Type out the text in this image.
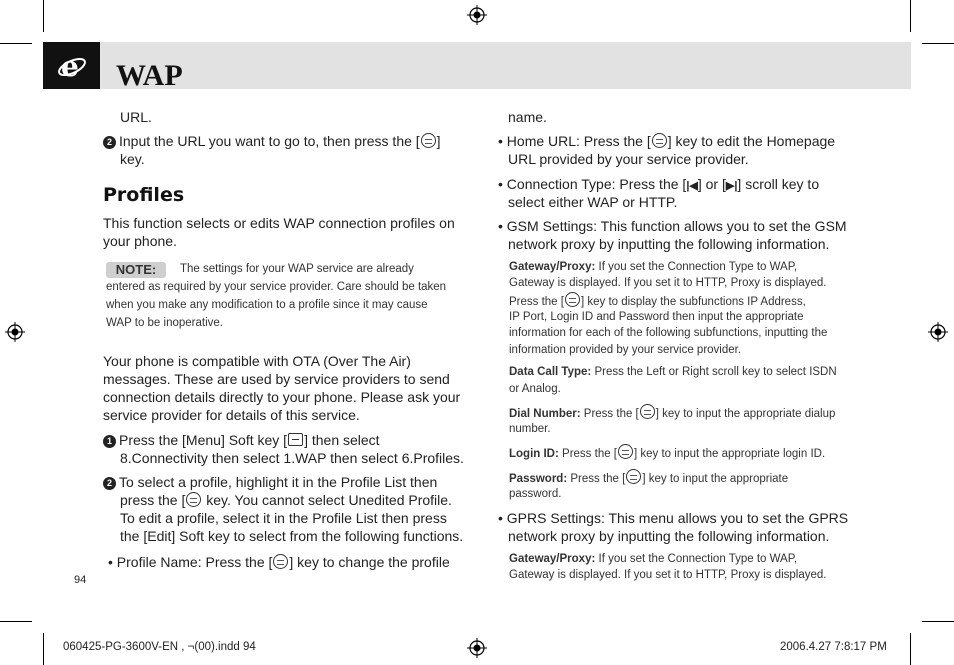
e WAP
URL.
2 Input the URL you want to go to, then press the [ ]
key.
Profiles
This function selects or edits WAP connection profiles on
your phone.
NOTE:	The settings for your WAP service are already
entered as required by your service provider. Care should be taken
when you make any modification to a profile since it may cause
WAP to be inoperative.
Your phone is compatible with OTA (Over The Air)
messages. These are used by service providers to send
connection details directly to your phone. Please ask your
service provider for details of this service.
1 Press the [Menu] Soft key [ ] then select
8.Connectivity then select 1.WAP then select 6.Profiles.
2 To select a profile, highlight it in the Profile List then
press the [ key. You cannot select Unedited Profile.
To edit a profile, select it in the Profile List then press
the [Edit] Soft key to select from the following functions.
• Profile Name: Press the [ ] key to change the profile
94
name.
• Home URL: Press the [ ] key to edit the Homepage
URL provided by your service provider.
• Connection Type: Press the [|◀] or [▶|] scroll key to
select either WAP or HTTP.
• GSM Settings: This function allows you to set the GSM
network proxy by inputting the following information.
Gateway/Proxy: If you set the Connection Type to WAP,
Gateway is displayed. If you set it to HTTP, Proxy is displayed.
Press the [ ] key to display the subfunctions IP Address,
IP Port, Login ID and Password then input the appropriate
information for each of the following subfunctions, inputting the
information provided by your service provider.
Data Call Type: Press the Left or Right scroll key to select ISDN
or Analog.
Dial Number: Press the [ ] key to input the appropriate dialup
number.
Login ID: Press the [ ] key to input the appropriate login ID.
Password: Press the [ ] key to input the appropriate
password.
• GPRS Settings: This menu allows you to set the GPRS
network proxy by inputting the following information.
Gateway/Proxy: If you set the Connection Type to WAP,
Gateway is displayed. If you set it to HTTP, Proxy is displayed.
060425-PG-3600V-EN , ¬(00).indd 94	2006.4.27 7:8:17 PM
